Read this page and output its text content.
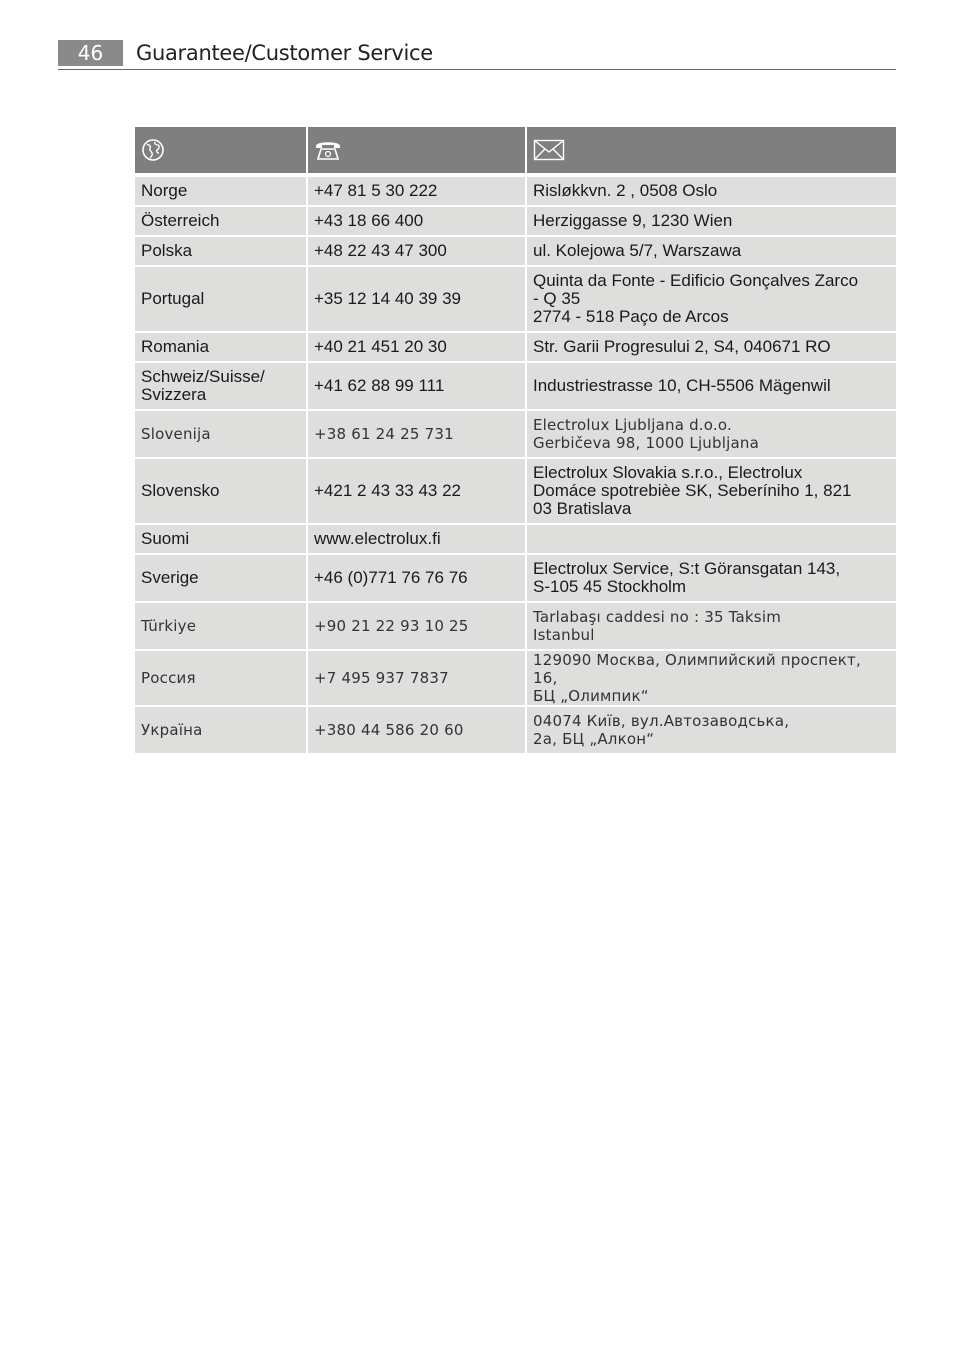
46	Guarantee/Customer Service

Norge	+47 81 5 30 222	Risløkkvn. 2 , 0508 Oslo
Österreich	+43 18 66 400	Herziggasse 9, 1230 Wien
Polska	+48 22 43 47 300	ul. Kolejowa 5/7, Warszawa
Portugal	+35 12 14 40 39 39	Quinta da Fonte - Edificio Gonçalves Zarco
- Q 35
2774 - 518 Paço de Arcos
Romania	+40 21 451 20 30	Str. Garii Progresului 2, S4, 040671 RO
Schweiz/Suisse/
Svizzera	+41 62 88 99 111	Industriestrasse 10, CH-5506 Mägenwil
Slovenija	+38 61 24 25 731	Electrolux Ljubljana d.o.o.
Gerbičeva 98, 1000 Ljubljana
Slovensko	+421 2 43 33 43 22	Electrolux Slovakia s.r.o., Electrolux
Domáce spotrebièe SK, Seberíniho 1, 821
03 Bratislava
Suomi	www.electrolux.fi	
Sverige	+46 (0)771 76 76 76	Electrolux Service, S:t Göransgatan 143,
S-105 45 Stockholm
Türkiye	+90 21 22 93 10 25	Tarlabaşı caddesi no : 35 Taksim
Istanbul
Россия	+7 495 937 7837	129090 Москва, Олимпийский проспект, 16,
БЦ „Олимпик“
Україна	+380 44 586 20 60	04074 Київ, вул.Автозаводська,
2а, БЦ „Алкон“
